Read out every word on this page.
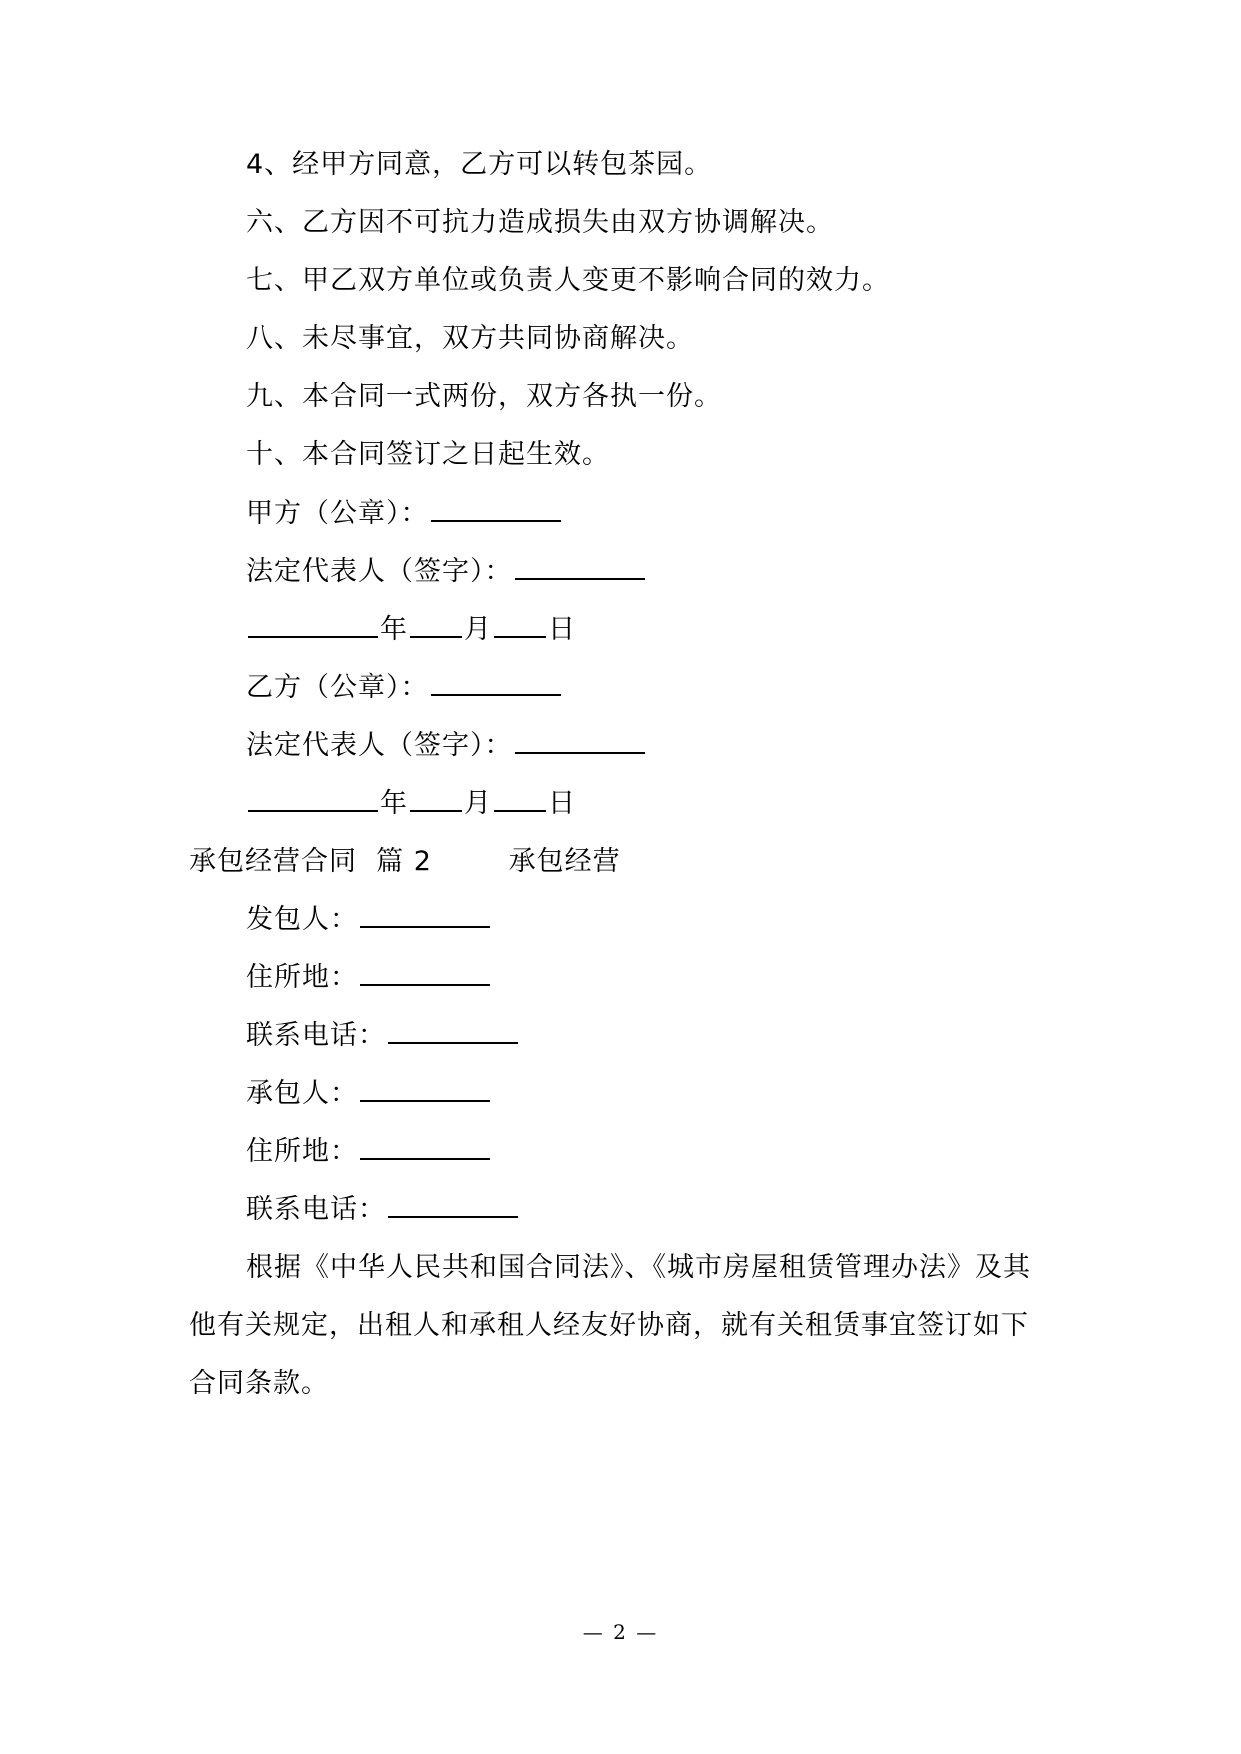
4、经甲方同意，乙方可以转包茶园。
六、乙方因不可抗力造成损失由双方协调解决。
七、甲乙双方单位或负责人变更不影响合同的效力。
八、未尽事宜，双方共同协商解决。
九、本合同一式两份，双方各执一份。
十、本合同签订之日起生效。
甲方（公章）：
法定代表人（签字）：
年 月 日
乙方（公章）：
法定代表人（签字）：
年 月 日
承包经营合同  篇 2        承包经营
发包人：
住所地：
联系电话：
承包人：
住所地：
联系电话：
根据《中华人民共和国合同法》、《城市房屋租赁管理办法》及其
他有关规定，出租人和承租人经友好协商，就有关租赁事宜签订如下
合同条款。
— 2 —
